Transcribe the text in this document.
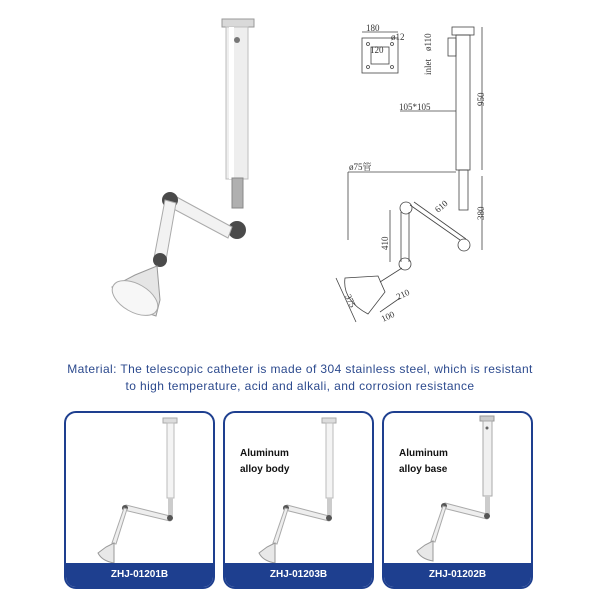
180
120
ø12
inlet
ø110
105*105
950
ø75管
610	380
410
210
375
100
Material: The telescopic catheter is made of 304 stainless steel, which is resistant to high temperature, acid and alkali, and corrosion resistance
ZHJ-01201B
Aluminum
alloy body
ZHJ-01203B
Aluminum
alloy base
ZHJ-01202B
